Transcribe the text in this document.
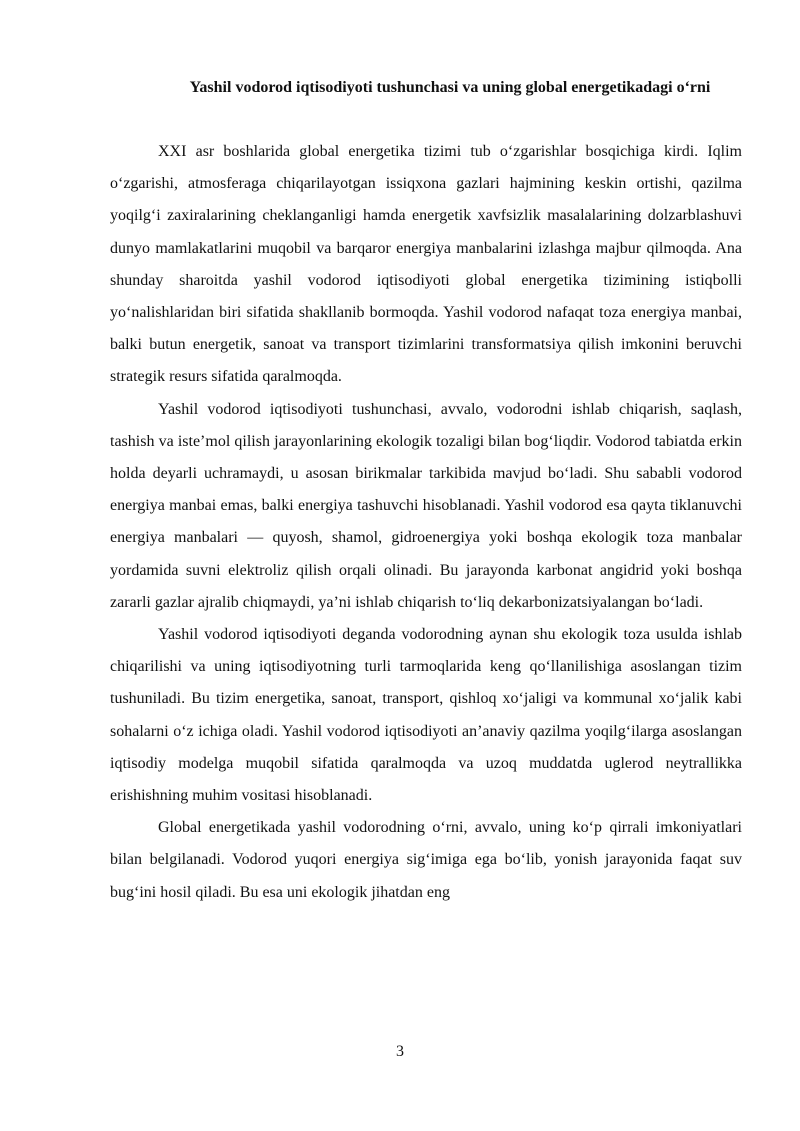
Yashil vodorod iqtisodiyoti tushunchasi va uning global energetikadagi o‘rni

XXI asr boshlarida global energetika tizimi tub o‘zgarishlar bosqichiga kirdi. Iqlim o‘zgarishi, atmosferaga chiqarilayotgan issiqxona gazlari hajmining keskin ortishi, qazilma yoqilg‘i zaxiralarining cheklanganligi hamda energetik xavfsizlik masalalarining dolzarblashuvi dunyo mamlakatlarini muqobil va barqaror energiya manbalarini izlashga majbur qilmoqda. Ana shunday sharoitda yashil vodorod iqtisodiyoti global energetika tizimining istiqbolli yo‘nalishlaridan biri sifatida shakllanib bormoqda. Yashil vodorod nafaqat toza energiya manbai, balki butun energetik, sanoat va transport tizimlarini transformatsiya qilish imkonini beruvchi strategik resurs sifatida qaralmoqda.

Yashil vodorod iqtisodiyoti tushunchasi, avvalo, vodorodni ishlab chiqarish, saqlash, tashish va iste’mol qilish jarayonlarining ekologik tozaligi bilan bog‘liqdir. Vodorod tabiatda erkin holda deyarli uchramaydi, u asosan birikmalar tarkibida mavjud bo‘ladi. Shu sababli vodorod energiya manbai emas, balki energiya tashuvchi hisoblanadi. Yashil vodorod esa qayta tiklanuvchi energiya manbalari — quyosh, shamol, gidroenergiya yoki boshqa ekologik toza manbalar yordamida suvni elektroliz qilish orqali olinadi. Bu jarayonda karbonat angidrid yoki boshqa zararli gazlar ajralib chiqmaydi, ya’ni ishlab chiqarish to‘liq dekarbonizatsiyalangan bo‘ladi.

Yashil vodorod iqtisodiyoti deganda vodorodning aynan shu ekologik toza usulda ishlab chiqarilishi va uning iqtisodiyotning turli tarmoqlarida keng qo‘llanilishiga asoslangan tizim tushuniladi. Bu tizim energetika, sanoat, transport, qishloq xo‘jaligi va kommunal xo‘jalik kabi sohalarni o‘z ichiga oladi. Yashil vodorod iqtisodiyoti an’anaviy qazilma yoqilg‘ilarga asoslangan iqtisodiy modelga muqobil sifatida qaralmoqda va uzoq muddatda uglerod neytrallikka erishishning muhim vositasi hisoblanadi.

Global energetikada yashil vodorodning o‘rni, avvalo, uning ko‘p qirrali imkoniyatlari bilan belgilanadi. Vodorod yuqori energiya sig‘imiga ega bo‘lib, yonish jarayonida faqat suv bug‘ini hosil qiladi. Bu esa uni ekologik jihatdan eng

3
